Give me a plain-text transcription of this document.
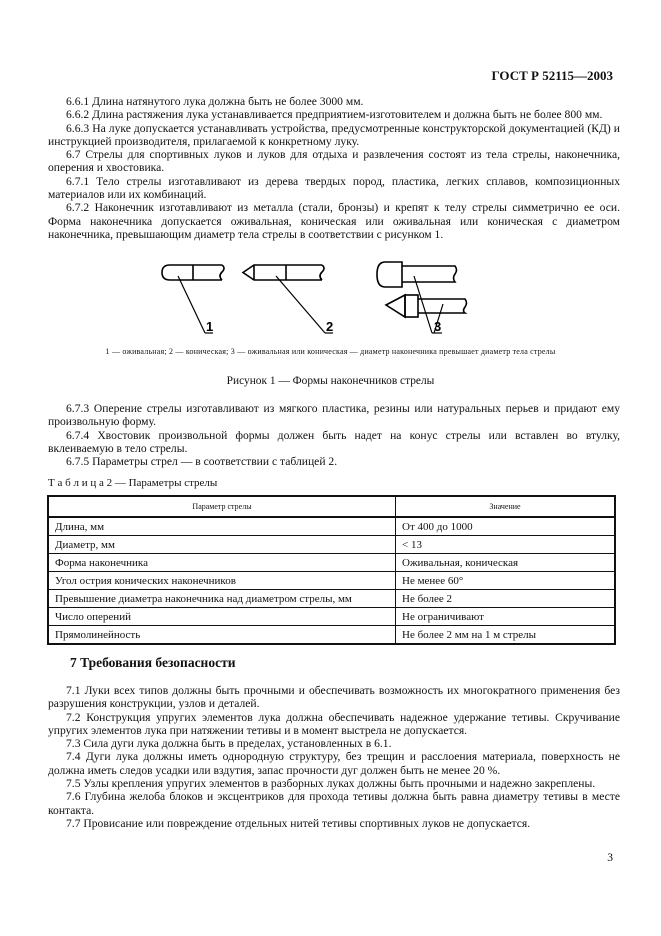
ГОСТ Р 52115—2003

6.6.1 Длина натянутого лука должна быть не более 3000 мм.

6.6.2 Длина растяжения лука устанавливается предприятием-изготовителем и должна быть не более 800 мм.

6.6.3 На луке допускается устанавливать устройства, предусмотренные конструкторской документацией (КД) и инструкцией производителя, прилагаемой к конкретному луку.

6.7 Стрелы для спортивных луков и луков для отдыха и развлечения состоят из тела стрелы, наконечника, оперения и хвостовика.

6.7.1 Тело стрелы изготавливают из дерева твердых пород, пластика, легких сплавов, композиционных материалов или их комбинаций.

6.7.2 Наконечник изготавливают из металла (стали, бронзы) и крепят к телу стрелы симметрично ее оси. Форма наконечника допускается оживальная, коническая или оживальная или коническая с диаметром наконечника, превышающим диаметр тела стрелы в соответствии с рисунком 1.

1	2	3
1 — оживальная; 2 — коническая; 3 — оживальная или коническая — диаметр наконечника превышает диаметр тела стрелы
Рисунок 1 — Формы наконечников стрелы

6.7.3 Оперение стрелы изготавливают из мягкого пластика, резины или натуральных перьев и придают ему произвольную форму.

6.7.4 Хвостовик произвольной формы должен быть надет на конус стрелы или вставлен во втулку, вклеиваемую в тело стрелы.

6.7.5 Параметры стрел — в соответствии с таблицей 2.

Т а б л и ц а 2 — Параметры стрелы
Параметр стрелы	Значение
Длина, мм	От 400 до 1000
Диаметр, мм	< 13
Форма наконечника	Оживальная, коническая
Угол острия конических наконечников	Не менее 60°
Превышение диаметра наконечника над диаметром стрелы, мм	Не более 2
Число оперений	Не ограничивают
Прямолинейность	Не более 2 мм на 1 м стрелы
7 Требования безопасности

7.1 Луки всех типов должны быть прочными и обеспечивать возможность их многократного применения без разрушения конструкции, узлов и деталей.

7.2 Конструкция упругих элементов лука должна обеспечивать надежное удержание тетивы. Скручивание упругих элементов лука при натяжении тетивы и в момент выстрела не допускается.

7.3 Сила дуги лука должна быть в пределах, установленных в 6.1.

7.4 Дуги лука должны иметь однородную структуру, без трещин и расслоения материала, поверхность не должна иметь следов усадки или вздутия, запас прочности дуг должен быть не менее 20 %.

7.5 Узлы крепления упругих элементов в разборных луках должны быть прочными и надежно закреплены.

7.6 Глубина желоба блоков и эксцентриков для прохода тетивы должна быть равна диаметру тетивы в месте контакта.

7.7 Провисание или повреждение отдельных нитей тетивы спортивных луков не допускается.

3
